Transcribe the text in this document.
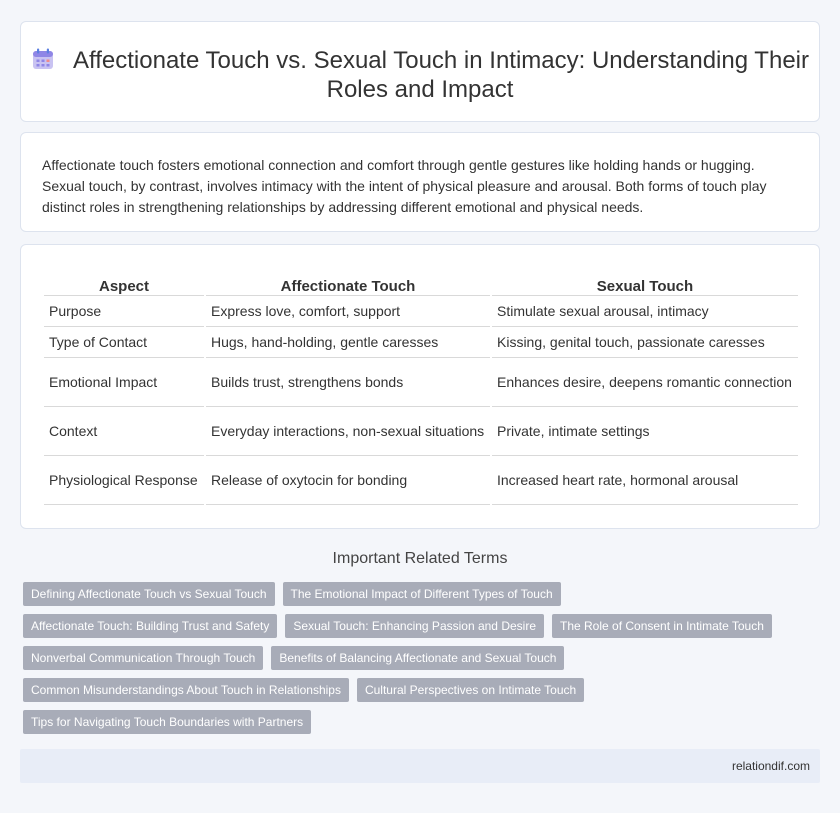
Affectionate Touch vs. Sexual Touch in Intimacy: Understanding Their Roles and Impact

Affectionate touch fosters emotional connection and comfort through gentle gestures like holding hands or hugging. Sexual touch, by contrast, involves intimacy with the intent of physical pleasure and arousal. Both forms of touch play distinct roles in strengthening relationships by addressing different emotional and physical needs.

Aspect	Affectionate Touch	Sexual Touch
Purpose	Express love, comfort, support	Stimulate sexual arousal, intimacy
Type of Contact	Hugs, hand-holding, gentle caresses	Kissing, genital touch, passionate caresses
Emotional Impact	Builds trust, strengthens bonds	Enhances desire, deepens romantic connection
Context	Everyday interactions, non-sexual situations	Private, intimate settings
Physiological Response	Release of oxytocin for bonding	Increased heart rate, hormonal arousal
Important Related Terms
Defining Affectionate Touch vs Sexual Touch	The Emotional Impact of Different Types of Touch
Affectionate Touch: Building Trust and Safety	Sexual Touch: Enhancing Passion and Desire	The Role of Consent in Intimate Touch
Nonverbal Communication Through Touch	Benefits of Balancing Affectionate and Sexual Touch
Common Misunderstandings About Touch in Relationships	Cultural Perspectives on Intimate Touch
Tips for Navigating Touch Boundaries with Partners
relationdif.com
